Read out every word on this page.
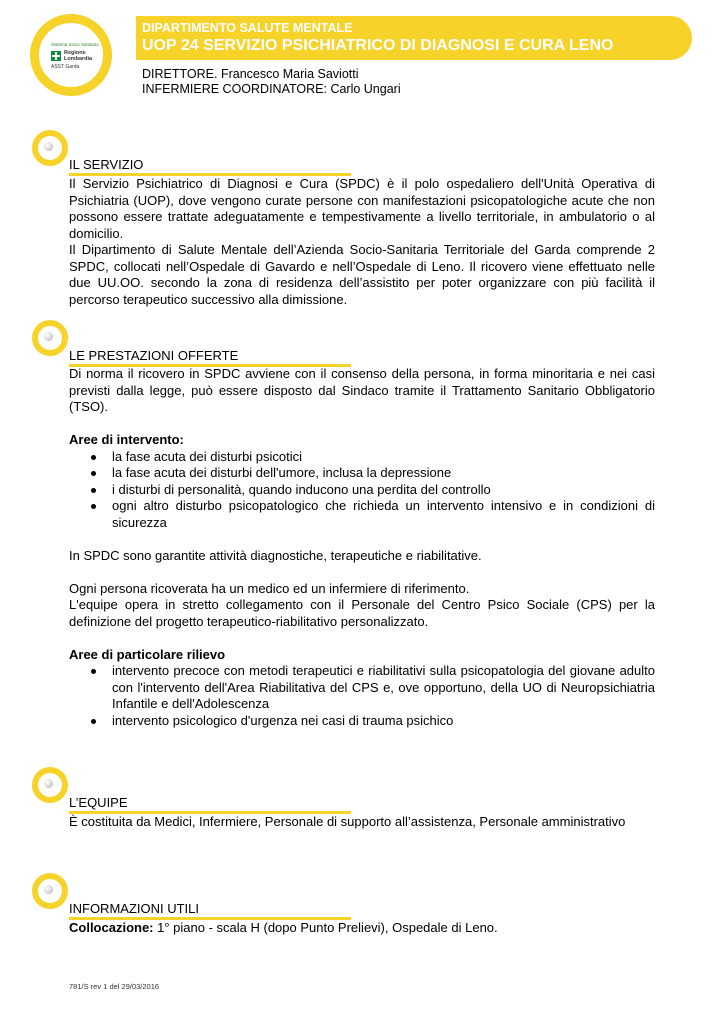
Sistema Socio Sanitario
Regione
Lombardia
ASST Garda
DIPARTIMENTO SALUTE MENTALE
UOP 24 SERVIZIO PSICHIATRICO DI DIAGNOSI E CURA LENO
DIRETTORE. Francesco Maria Saviotti
INFERMIERE COORDINATORE: Carlo Ungari
IL SERVIZIO

Il Servizio Psichiatrico di Diagnosi e Cura (SPDC) è il polo ospedaliero dell'Unità Operativa di Psichiatria (UOP), dove vengono curate persone con manifestazioni psicopatologiche acute che non possono essere trattate adeguatamente e tempestivamente a livello territoriale, in ambulatorio o al domicilio.

Il Dipartimento di Salute Mentale dell’Azienda Socio-Sanitaria Territoriale del Garda comprende 2 SPDC, collocati nell’Ospedale di Gavardo e nell’Ospedale di Leno. Il ricovero viene effettuato nelle due UU.OO. secondo la zona di residenza dell’assistito per poter organizzare con più facilità il percorso terapeutico successivo alla dimissione.

LE PRESTAZIONI OFFERTE

Di norma il ricovero in SPDC avviene con il consenso della persona, in forma minoritaria e nei casi previsti dalla legge, può essere disposto dal Sindaco tramite il Trattamento Sanitario Obbligatorio (TSO).

Aree di intervento:

la fase acuta dei disturbi psicotici
la fase acuta dei disturbi dell'umore, inclusa la depressione
i disturbi di personalità, quando inducono una perdita del controllo
ogni altro disturbo psicopatologico che richieda un intervento intensivo e in condizioni di sicurezza

In SPDC sono garantite attività diagnostiche, terapeutiche e riabilitative.

Ogni persona ricoverata ha un medico ed un infermiere di riferimento.

L'equipe opera in stretto collegamento con il Personale del Centro Psico Sociale (CPS) per la definizione del progetto terapeutico-riabilitativo personalizzato.

Aree di particolare rilievo

intervento precoce con metodi terapeutici e riabilitativi sulla psicopatologia del giovane adulto con l'intervento dell'Area Riabilitativa del CPS e, ove opportuno, della UO di Neuropsichiatria Infantile e dell'Adolescenza
intervento psicologico d'urgenza nei casi di trauma psichico
L’EQUIPE

È costituita da Medici, Infermiere, Personale di supporto all’assistenza, Personale amministrativo

INFORMAZIONI UTILI

Collocazione: 1° piano - scala H (dopo Punto Prelievi), Ospedale di Leno.

781/S rev 1 del 29/03/2016
